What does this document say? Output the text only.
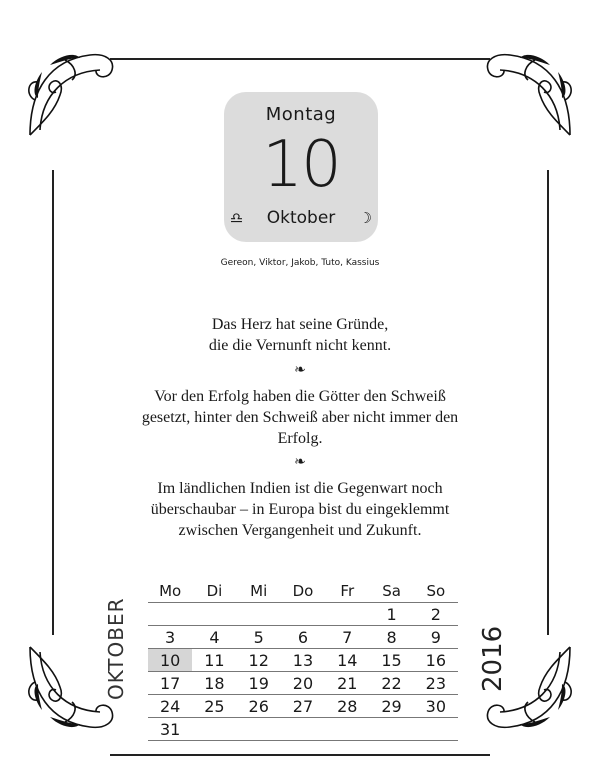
Montag
10
♎︎ Oktober ☽
Gereon, Viktor, Jakob, Tuto, Kassius
Das Herz hat seine Gründe,
die die Vernunft nicht kennt.
❧
Vor den Erfolg haben die Götter den Schweiß
gesetzt, hinter den Schweiß aber nicht immer den
Erfolg.
❧
Im ländlichen Indien ist die Gegenwart noch
überschaubar – in Europa bist du eingeklemmt
zwischen Vergangenheit und Zukunft.
OKTOBER	2016
Mo	Di	Mi	Do	Fr	Sa	So
					1	2
3	4	5	6	7	8	9
10	11	12	13	14	15	16
17	18	19	20	21	22	23
24	25	26	27	28	29	30
31						
